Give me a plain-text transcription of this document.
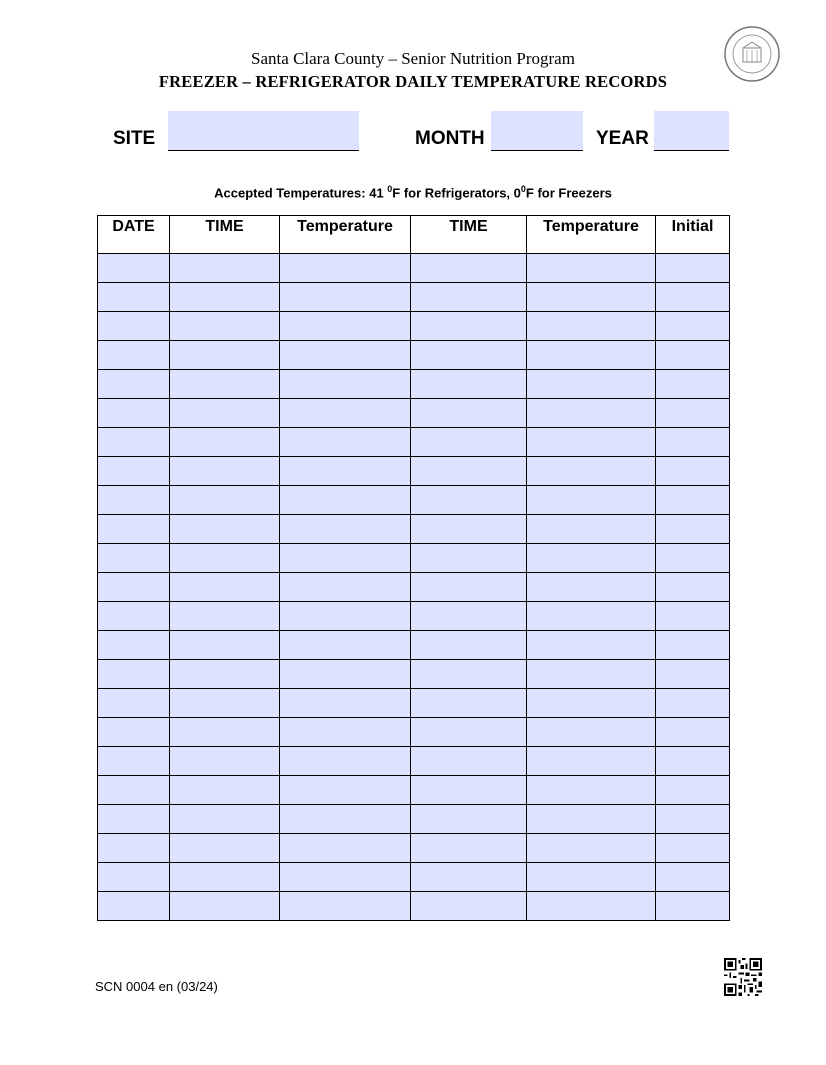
Santa Clara County – Senior Nutrition Program
FREEZER – REFRIGERATOR DAILY TEMPERATURE RECORDS
SITE	MONTH	YEAR
Accepted Temperatures: 41 $^0$F for Refrigerators, $0^0F$ for Freezers
DATE	TIME	Temperature	TIME	Temperature	Initial

SCN 0004 en (03/24)
